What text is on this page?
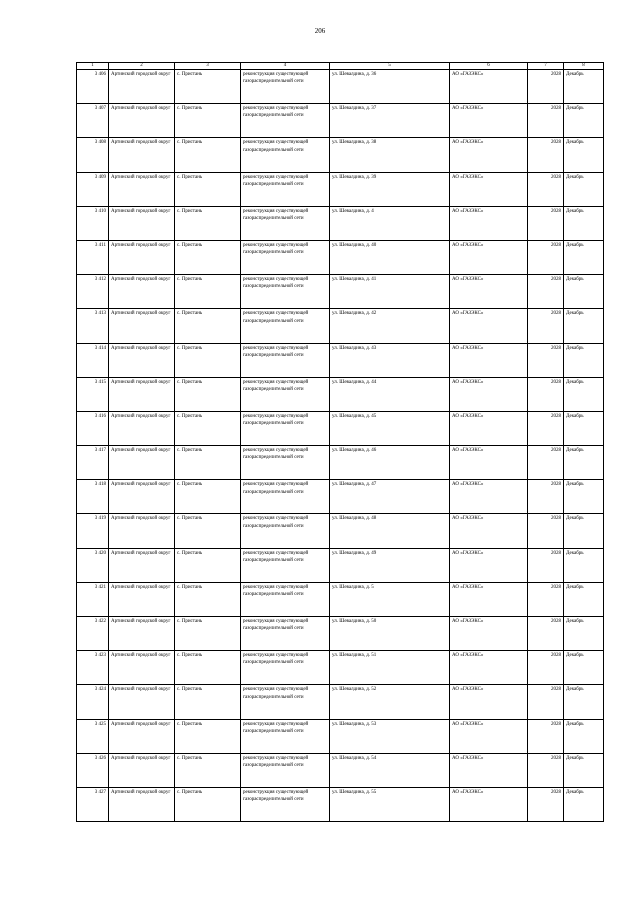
206
1	2	3	4	5	6	7	8
3 406	Артинский городской округ	с. Пристань	реконструкция существующей газораспределительной сети	ул. Шевалдина, д. 36	АО «ГАЗЭКС»	2028	Декабрь
3 407	Артинский городской округ	с. Пристань	реконструкция существующей газораспределительной сети	ул. Шевалдина, д. 37	АО «ГАЗЭКС»	2028	Декабрь
3 408	Артинский городской округ	с. Пристань	реконструкция существующей газораспределительной сети	ул. Шевалдина, д. 38	АО «ГАЗЭКС»	2028	Декабрь
3 409	Артинский городской округ	с. Пристань	реконструкция существующей газораспределительной сети	ул. Шевалдина, д. 39	АО «ГАЗЭКС»	2028	Декабрь
3 410	Артинский городской округ	с. Пристань	реконструкция существующей газораспределительной сети	ул. Шевалдина, д. 4	АО «ГАЗЭКС»	2028	Декабрь
3 411	Артинский городской округ	с. Пристань	реконструкция существующей газораспределительной сети	ул. Шевалдина, д. 40	АО «ГАЗЭКС»	2028	Декабрь
3 412	Артинский городской округ	с. Пристань	реконструкция существующей газораспределительной сети	ул. Шевалдина, д. 41	АО «ГАЗЭКС»	2028	Декабрь
3 413	Артинский городской округ	с. Пристань	реконструкция существующей газораспределительной сети	ул. Шевалдина, д. 42	АО «ГАЗЭКС»	2028	Декабрь
3 414	Артинский городской округ	с. Пристань	реконструкция существующей газораспределительной сети	ул. Шевалдина, д. 43	АО «ГАЗЭКС»	2028	Декабрь
3 415	Артинский городской округ	с. Пристань	реконструкция существующей газораспределительной сети	ул. Шевалдина, д. 44	АО «ГАЗЭКС»	2028	Декабрь
3 416	Артинский городской округ	с. Пристань	реконструкция существующей газораспределительной сети	ул. Шевалдина, д. 45	АО «ГАЗЭКС»	2028	Декабрь
3 417	Артинский городской округ	с. Пристань	реконструкция существующей газораспределительной сети	ул. Шевалдина, д. 46	АО «ГАЗЭКС»	2028	Декабрь
3 418	Артинский городской округ	с. Пристань	реконструкция существующей газораспределительной сети	ул. Шевалдина, д. 47	АО «ГАЗЭКС»	2028	Декабрь
3 419	Артинский городской округ	с. Пристань	реконструкция существующей газораспределительной сети	ул. Шевалдина, д. 48	АО «ГАЗЭКС»	2028	Декабрь
3 420	Артинский городской округ	с. Пристань	реконструкция существующей газораспределительной сети	ул. Шевалдина, д. 49	АО «ГАЗЭКС»	2028	Декабрь
3 421	Артинский городской округ	с. Пристань	реконструкция существующей газораспределительной сети	ул. Шевалдина, д. 5	АО «ГАЗЭКС»	2028	Декабрь
3 422	Артинский городской округ	с. Пристань	реконструкция существующей газораспределительной сети	ул. Шевалдина, д. 50	АО «ГАЗЭКС»	2028	Декабрь
3 423	Артинский городской округ	с. Пристань	реконструкция существующей газораспределительной сети	ул. Шевалдина, д. 51	АО «ГАЗЭКС»	2028	Декабрь
3 424	Артинский городской округ	с. Пристань	реконструкция существующей газораспределительной сети	ул. Шевалдина, д. 52	АО «ГАЗЭКС»	2028	Декабрь
3 425	Артинский городской округ	с. Пристань	реконструкция существующей газораспределительной сети	ул. Шевалдина, д. 53	АО «ГАЗЭКС»	2028	Декабрь
3 426	Артинский городской округ	с. Пристань	реконструкция существующей газораспределительной сети	ул. Шевалдина, д. 54	АО «ГАЗЭКС»	2028	Декабрь
3 427	Артинский городской округ	с. Пристань	реконструкция существующей газораспределительной сети	ул. Шевалдина, д. 55	АО «ГАЗЭКС»	2028	Декабрь
